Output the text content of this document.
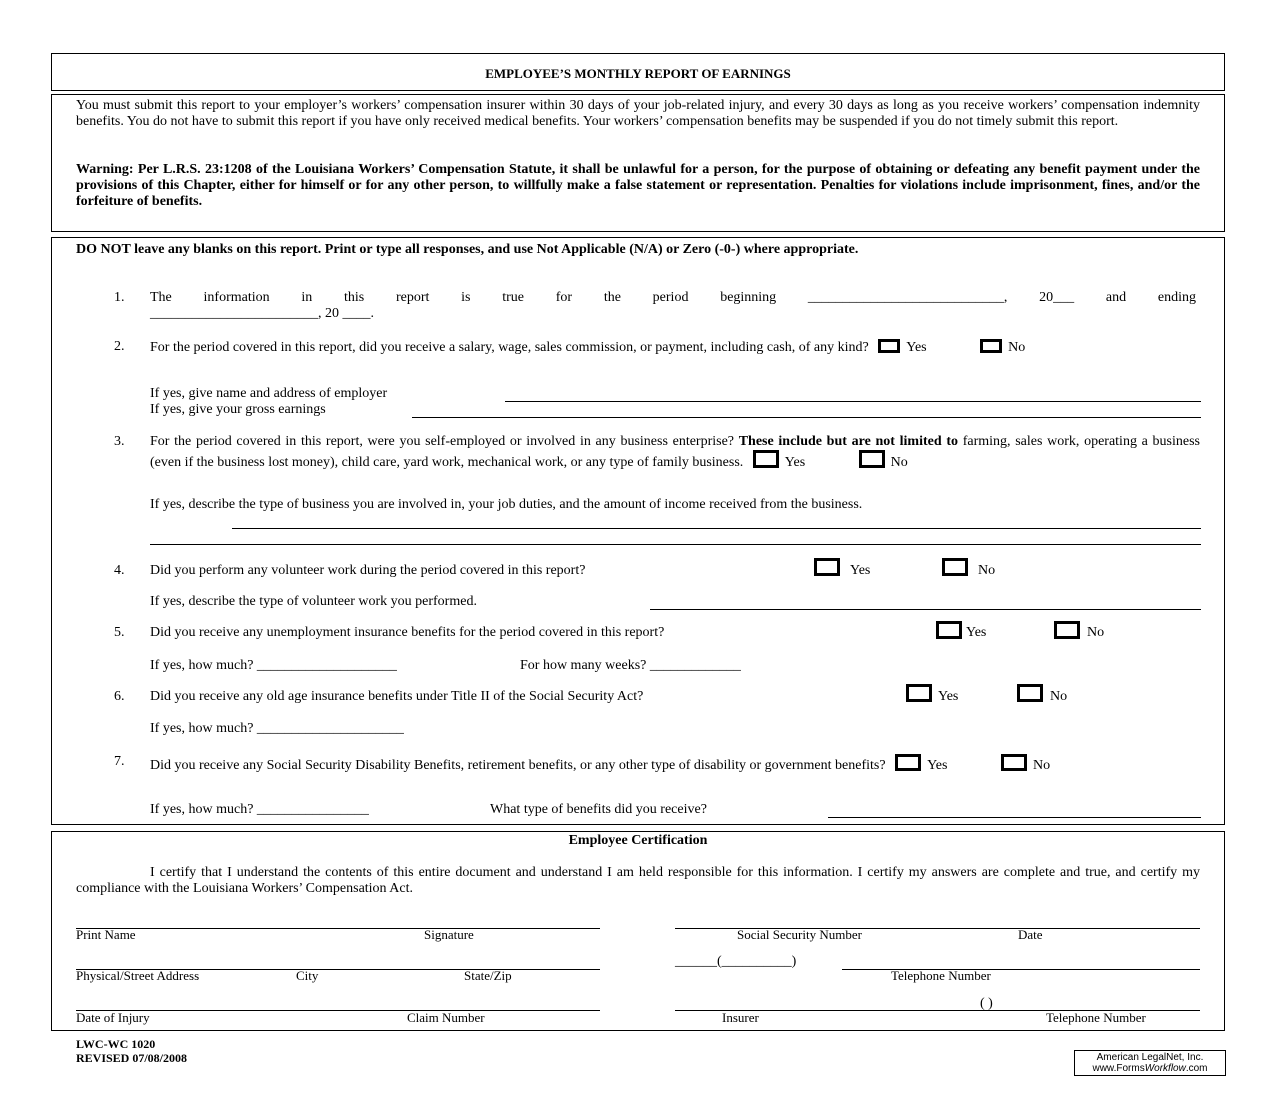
EMPLOYEE’S MONTHLY REPORT OF EARNINGS
You must submit this report to your employer’s workers’ compensation insurer within 30 days of your job-related injury, and every 30 days as long as you receive workers’ compensation indemnity benefits. You do not have to submit this report if you have only received medical benefits. Your workers’ compensation benefits may be suspended if you do not timely submit this report.
Warning: Per L.R.S. 23:1208 of the Louisiana Workers’ Compensation Statute, it shall be unlawful for a person, for the purpose of obtaining or defeating any benefit payment under the provisions of this Chapter, either for himself or for any other person, to willfully make a false statement or representation. Penalties for violations include imprisonment, fines, and/or the forfeiture of benefits.
DO NOT leave any blanks on this report. Print or type all responses, and use Not Applicable (N/A) or Zero (-0-) where appropriate.
1. The information in this report is true for the period beginning ____________________________, 20___ and ending
________________________, 20 ____.
2. For the period covered in this report, did you receive a salary, wage, sales commission, or payment, including cash, of any kind?	Yes	No
If yes, give name and address of employer
If yes, give your gross earnings
3. For the period covered in this report, were you self-employed or involved in any business enterprise? These include but are not limited to farming, sales work, operating a business (even if the business lost money), child care, yard work, mechanical work, or any type of family business.	Yes	No
If yes, describe the type of business you are involved in, your job duties, and the amount of income received from the business.
4. Did you perform any volunteer work during the period covered in this report?	Yes	No
If yes, describe the type of volunteer work you performed.
5. Did you receive any unemployment insurance benefits for the period covered in this report?	Yes	No
If yes, how much? ____________________	For how many weeks? _____________
6. Did you receive any old age insurance benefits under Title II of the Social Security Act?	Yes	No
If yes, how much? _____________________
7. Did you receive any Social Security Disability Benefits, retirement benefits, or any other type of disability or government benefits?	Yes	No
If yes, how much? ________________	What type of benefits did you receive?
Employee Certification
I certify that I understand the contents of this entire document and understand I am held responsible for this information. I certify my answers are complete and true, and certify my compliance with the Louisiana Workers’ Compensation Act.
Print Name	Signature	Social Security Number	Date
______(__________)
Physical/Street Address	City	State/Zip	Telephone Number
( )
Date of Injury	Claim Number	Insurer	Telephone Number
LWC-WC 1020
REVISED 07/08/2008	American LegalNet, Inc.
www.FormsWorkflow.com
